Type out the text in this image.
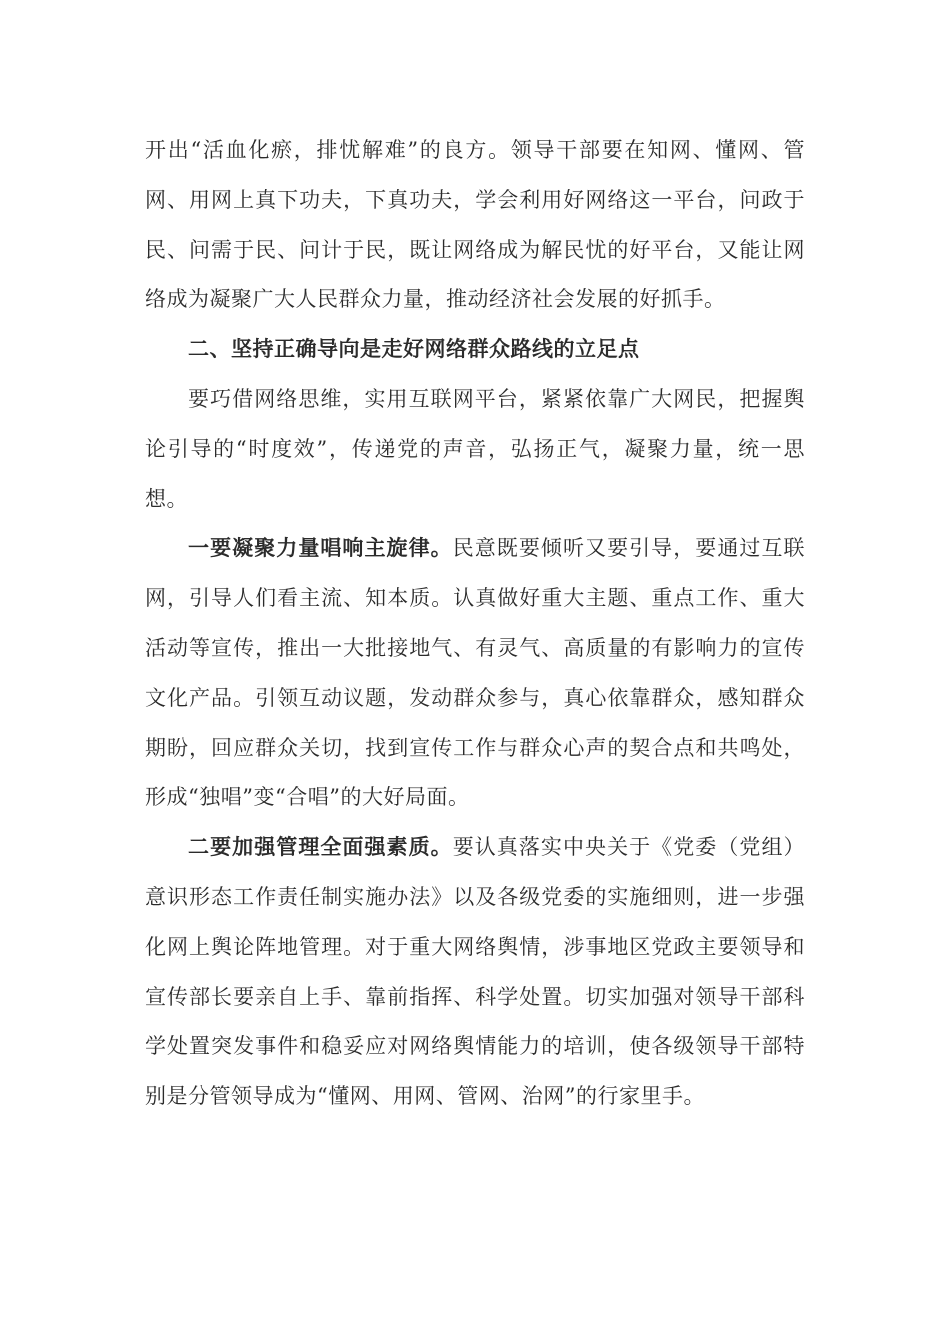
开出“活血化瘀，排忧解难”的良方。领导干部要在知网、懂网、管网、用网上真下功夫，下真功夫，学会利用好网络这一平台，问政于民、问需于民、问计于民，既让网络成为解民忧的好平台，又能让网络成为凝聚广大人民群众力量，推动经济社会发展的好抓手。

二、坚持正确导向是走好网络群众路线的立足点

要巧借网络思维，实用互联网平台，紧紧依靠广大网民，把握舆论引导的“时度效”，传递党的声音，弘扬正气，凝聚力量，统一思想。

一要凝聚力量唱响主旋律。民意既要倾听又要引导，要通过互联网，引导人们看主流、知本质。认真做好重大主题、重点工作、重大活动等宣传，推出一大批接地气、有灵气、高质量的有影响力的宣传文化产品。引领互动议题，发动群众参与，真心依靠群众，感知群众期盼，回应群众关切，找到宣传工作与群众心声的契合点和共鸣处，形成“独唱”变“合唱”的大好局面。

二要加强管理全面强素质。要认真落实中央关于《党委（党组）意识形态工作责任制实施办法》以及各级党委的实施细则，进一步强化网上舆论阵地管理。对于重大网络舆情，涉事地区党政主要领导和宣传部长要亲自上手、靠前指挥、科学处置。切实加强对领导干部科学处置突发事件和稳妥应对网络舆情能力的培训，使各级领导干部特别是分管领导成为“懂网、用网、管网、治网”的行家里手。
